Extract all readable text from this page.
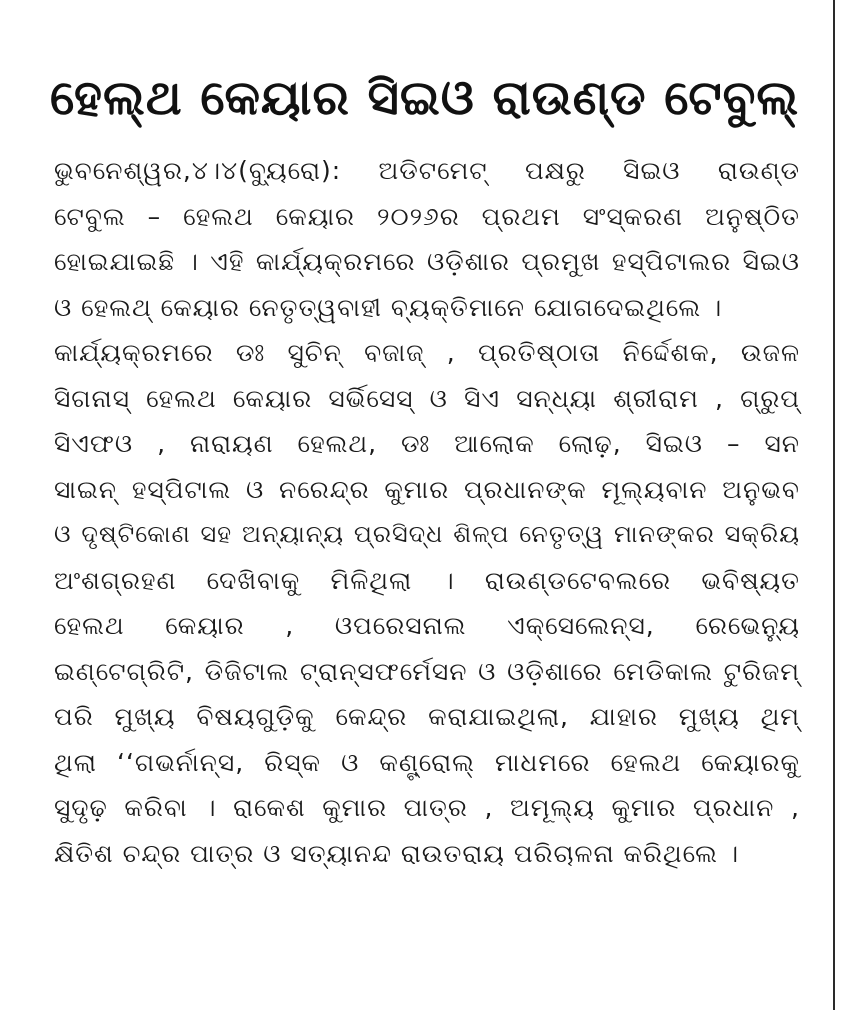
ହେଲ୍ଥ କେୟାର ସିଇଓ ରାଉଣ୍ଡ ଟେବୁଲ୍
ଭୁବନେଶ୍ୱର,୪।୪(ବ୍ୟୁରୋ): ଅଡିଟମେଟ୍ ପକ୍ଷରୁ ସିଇଓ ରାଉଣ୍ଡ
ଟେବୁଲ – ହେଲଥ କେୟାର ୨୦୨୬ର ପ୍ରଥମ ସଂସ୍କରଣ ଅନୁଷ୍ଠିତ
ହୋଇଯାଇଛି । ଏହି କାର୍ଯ୍ୟକ୍ରମରେ ଓଡ଼ିଶାର ପ୍ରମୁଖ ହସ୍ପିଟାଲର ସିଇଓ
ଓ ହେଲଥ୍ କେୟାର ନେତୃତ୍ୱବାହୀ ବ୍ୟକ୍ତିମାନେ ଯୋଗଦେଇଥିଲେ ।
କାର୍ଯ୍ୟକ୍ରମରେ ଡଃ ସୁଚିନ୍ ବଜାଜ୍ , ପ୍ରତିଷ୍ଠାତା ନିର୍ଦ୍ଦେଶକ, ଉଜଳ
ସିଗନାସ୍ ହେଲଥ କେୟାର ସର୍ଭିସେସ୍ ଓ ସିଏ ସନ୍ଧ୍ୟା ଶ୍ରୀରାମ , ଗ୍ରୁପ୍
ସିଏଫଓ , ନାରାୟଣ ହେଲଥ, ଡଃ ଆଲୋକ ଲୋଢ଼, ସିଇଓ – ସନ
ସାଇନ୍ ହସ୍ପିଟାଲ ଓ ନରେନ୍ଦ୍ର କୁମାର ପ୍ରଧାନଙ୍କ ମୂଲ୍ୟବାନ ଅନୁଭବ
ଓ ଦୃଷ୍ଟିକୋଣ ସହ ଅନ୍ୟାନ୍ୟ ପ୍ରସିଦ୍ଧ ଶିଳ୍ପ ନେତୃତ୍ୱ ମାନଙ୍କର ସକ୍ରିୟ
ଅଂଶଗ୍ରହଣ ଦେଖିବାକୁ ମିଳିଥିଲା । ରାଉଣ୍ଡଟେବଲରେ ଭବିଷ୍ୟତ
ହେଲଥ କେୟାର , ଓପରେସନାଲ ଏକ୍ସେଲେନ୍ସ, ରେଭେନ୍ୟୁ
ଇଣ୍ଟେଗ୍ରିଟି, ଡିଜିଟାଲ ଟ୍ରାନ୍ସଫର୍ମେସନ ଓ ଓଡ଼ିଶାରେ ମେଡିକାଲ ଟୁରିଜମ୍
ପରି ମୁଖ୍ୟ ବିଷୟଗୁଡ଼ିକୁ କେନ୍ଦ୍ର କରାଯାଇଥିଲା, ଯାହାର ମୁଖ୍ୟ ଥିମ୍
ଥିଲା ‘‘ଗଭର୍ନାନ୍ସ, ରିସ୍କ ଓ କଣ୍ଟ୍ରୋଲ୍ ମାଧମରେ ହେଲଥ କେୟାରକୁ
ସୁଦୃଢ଼ କରିବା । ରାକେଶ କୁମାର ପାତ୍ର , ଅମୂଲ୍ୟ କୁମାର ପ୍ରଧାନ ,
କ୍ଷିତିଶ ଚନ୍ଦ୍ର ପାତ୍ର ଓ ସତ୍ୟାନନ୍ଦ ରାଉତରାୟ ପରିଚାଳନା କରିଥିଲେ ।
